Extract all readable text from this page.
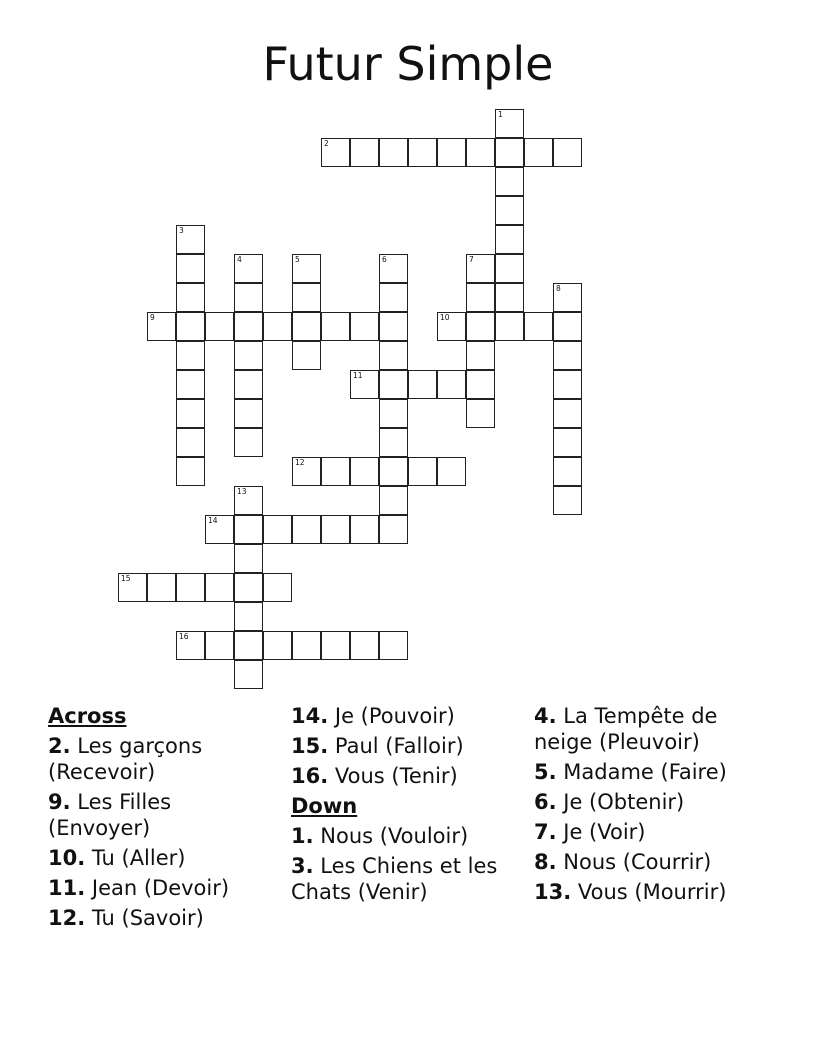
Futur Simple
1
2
3
4	5	6	7
8
9	10
11
12
13
14
15
16
Across
2. Les garçons (Recevoir)
9. Les Filles (Envoyer)
10. Tu (Aller)
11. Jean (Devoir)
12. Tu (Savoir)
14. Je (Pouvoir)
15. Paul (Falloir)
16. Vous (Tenir)
Down
1. Nous (Vouloir)
3. Les Chiens et les Chats (Venir)
4. La Tempête de neige (Pleuvoir)
5. Madame (Faire)
6. Je (Obtenir)
7. Je (Voir)
8. Nous (Courrir)
13. Vous (Mourrir)
